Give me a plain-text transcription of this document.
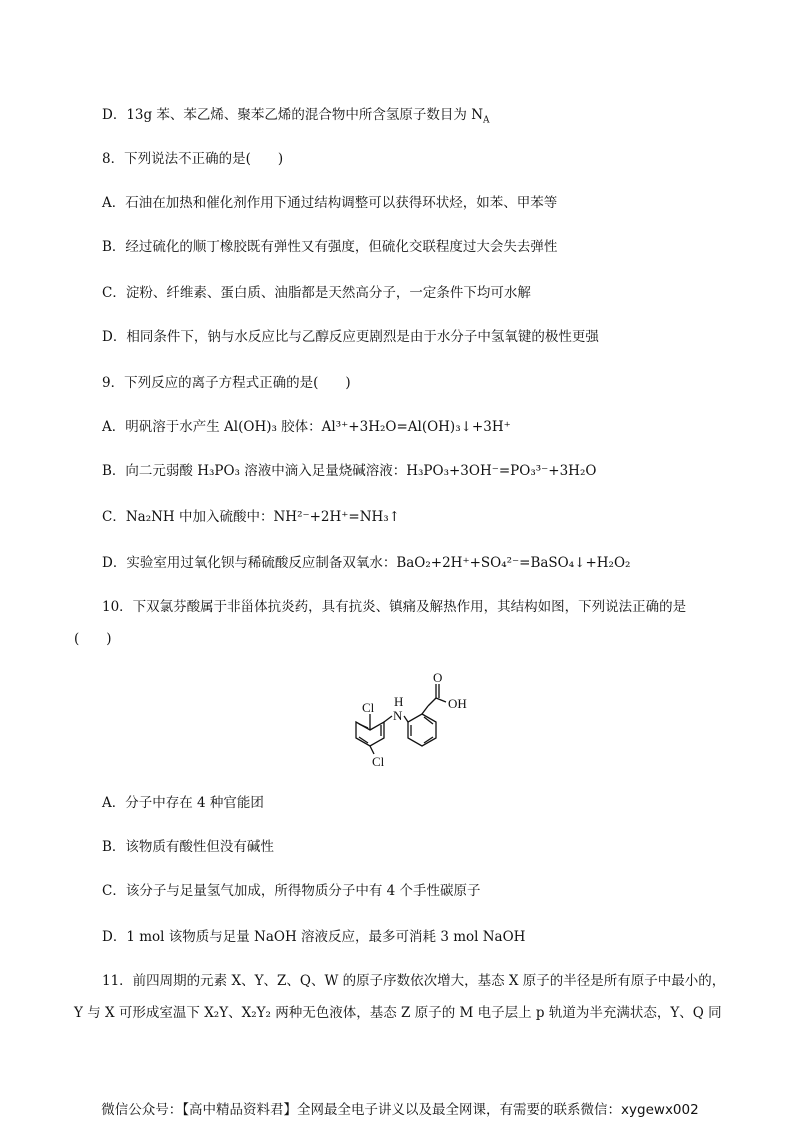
D．13g 苯、苯乙烯、聚苯乙烯的混合物中所含氢原子数目为 $N_A$
8．下列说法不正确的是(　　)
A．石油在加热和催化剂作用下通过结构调整可以获得环状烃，如苯、甲苯等
B．经过硫化的顺丁橡胶既有弹性又有强度，但硫化交联程度过大会失去弹性
C．淀粉、纤维素、蛋白质、油脂都是天然高分子，一定条件下均可水解
D．相同条件下，钠与水反应比与乙醇反应更剧烈是由于水分子中氢氧键的极性更强
9．下列反应的离子方程式正确的是(　　)
A．明矾溶于水产生 Al(OH)₃ 胶体：Al³⁺+3H₂O=Al(OH)₃↓+3H⁺
B．向二元弱酸 H₃PO₃ 溶液中滴入足量烧碱溶液：H₃PO₃+3OH⁻=PO₃³⁻+3H₂O
C．Na₂NH 中加入硫酸中：NH²⁻+2H⁺=NH₃↑
D．实验室用过氧化钡与稀硫酸反应制备双氧水：BaO₂+2H⁺+SO₄²⁻=BaSO₄↓+H₂O₂
10．下双氯芬酸属于非甾体抗炎药，具有抗炎、镇痛及解热作用，其结构如图，下列说法正确的是
(　　)
Cl
N
H
O
OH
Cl
A．分子中存在 4 种官能团
B．该物质有酸性但没有碱性
C．该分子与足量氢气加成，所得物质分子中有 4 个手性碳原子
D．1 mol 该物质与足量 NaOH 溶液反应，最多可消耗 3 mol NaOH
11．前四周期的元素 X、Y、Z、Q、W 的原子序数依次增大，基态 X 原子的半径是所有原子中最小的，
Y 与 X 可形成室温下 X₂Y、X₂Y₂ 两种无色液体，基态 Z 原子的 M 电子层上 p 轨道为半充满状态，Y、Q 同
微信公众号：【高中精品资料君】全网最全电子讲义以及最全网课，有需要的联系微信：xygewx002
